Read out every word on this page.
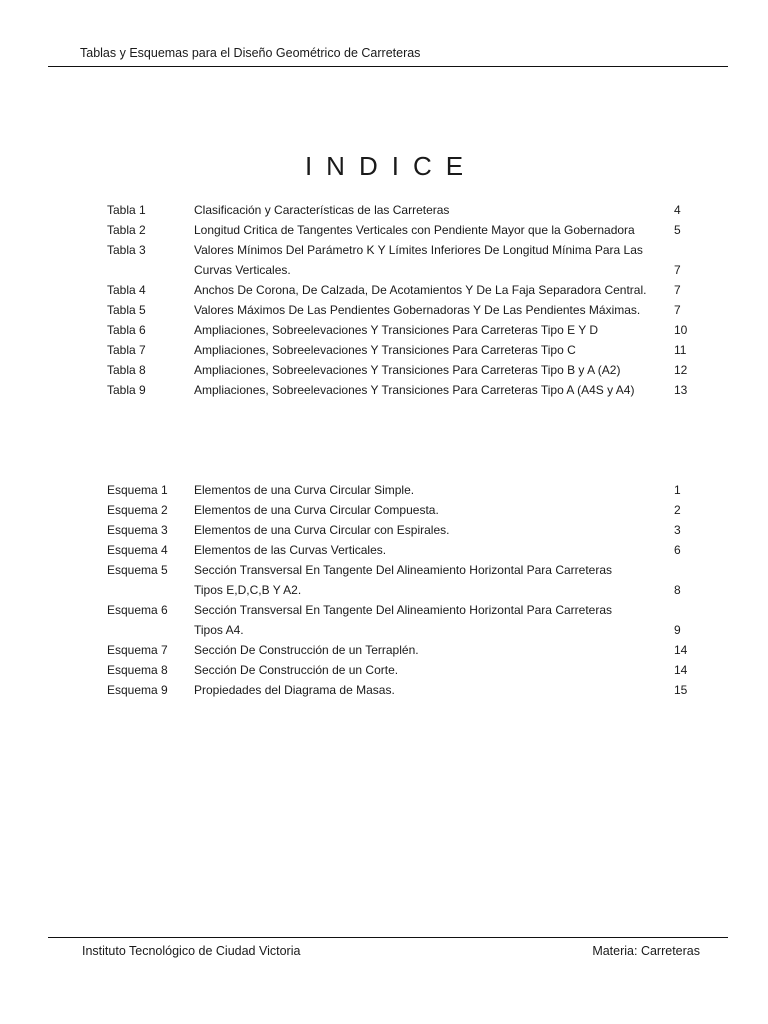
Tablas y Esquemas para el Diseño Geométrico de Carreteras
INDICE
Tabla 1	Clasificación y Características de las Carreteras	4
Tabla 2	Longitud Critica de Tangentes Verticales con Pendiente Mayor que la Gobernadora	5
Tabla 3	Valores Mínimos Del Parámetro K Y Límites Inferiores De Longitud Mínima Para Las
Curvas Verticales.	7
Tabla 4	Anchos De Corona, De Calzada, De Acotamientos Y De La Faja Separadora Central.	7
Tabla 5	Valores Máximos De Las Pendientes Gobernadoras Y De Las Pendientes Máximas.	7
Tabla 6	Ampliaciones, Sobreelevaciones Y Transiciones Para Carreteras Tipo E Y D	10
Tabla 7	Ampliaciones, Sobreelevaciones Y Transiciones Para Carreteras Tipo C	11
Tabla 8	Ampliaciones, Sobreelevaciones Y Transiciones Para Carreteras Tipo B y A (A2)	12
Tabla 9	Ampliaciones, Sobreelevaciones Y Transiciones Para Carreteras Tipo A (A4S y A4)	13
Esquema 1 Elementos de una Curva Circular Simple.	1
Esquema 2 Elementos de una Curva Circular Compuesta.	2
Esquema 3 Elementos de una Curva Circular con Espirales.	3
Esquema 4 Elementos de las Curvas Verticales.	6
Esquema 5 Sección Transversal En Tangente Del Alineamiento Horizontal Para Carreteras
Tipos E,D,C,B Y A2.	8
Esquema 6 Sección Transversal En Tangente Del Alineamiento Horizontal Para Carreteras
Tipos A4.	9
Esquema 7 Sección De Construcción de un Terraplén.	14
Esquema 8 Sección De Construcción de un Corte.	14
Esquema 9 Propiedades del Diagrama de Masas.	15
Instituto Tecnológico de Ciudad Victoria	Materia: Carreteras
